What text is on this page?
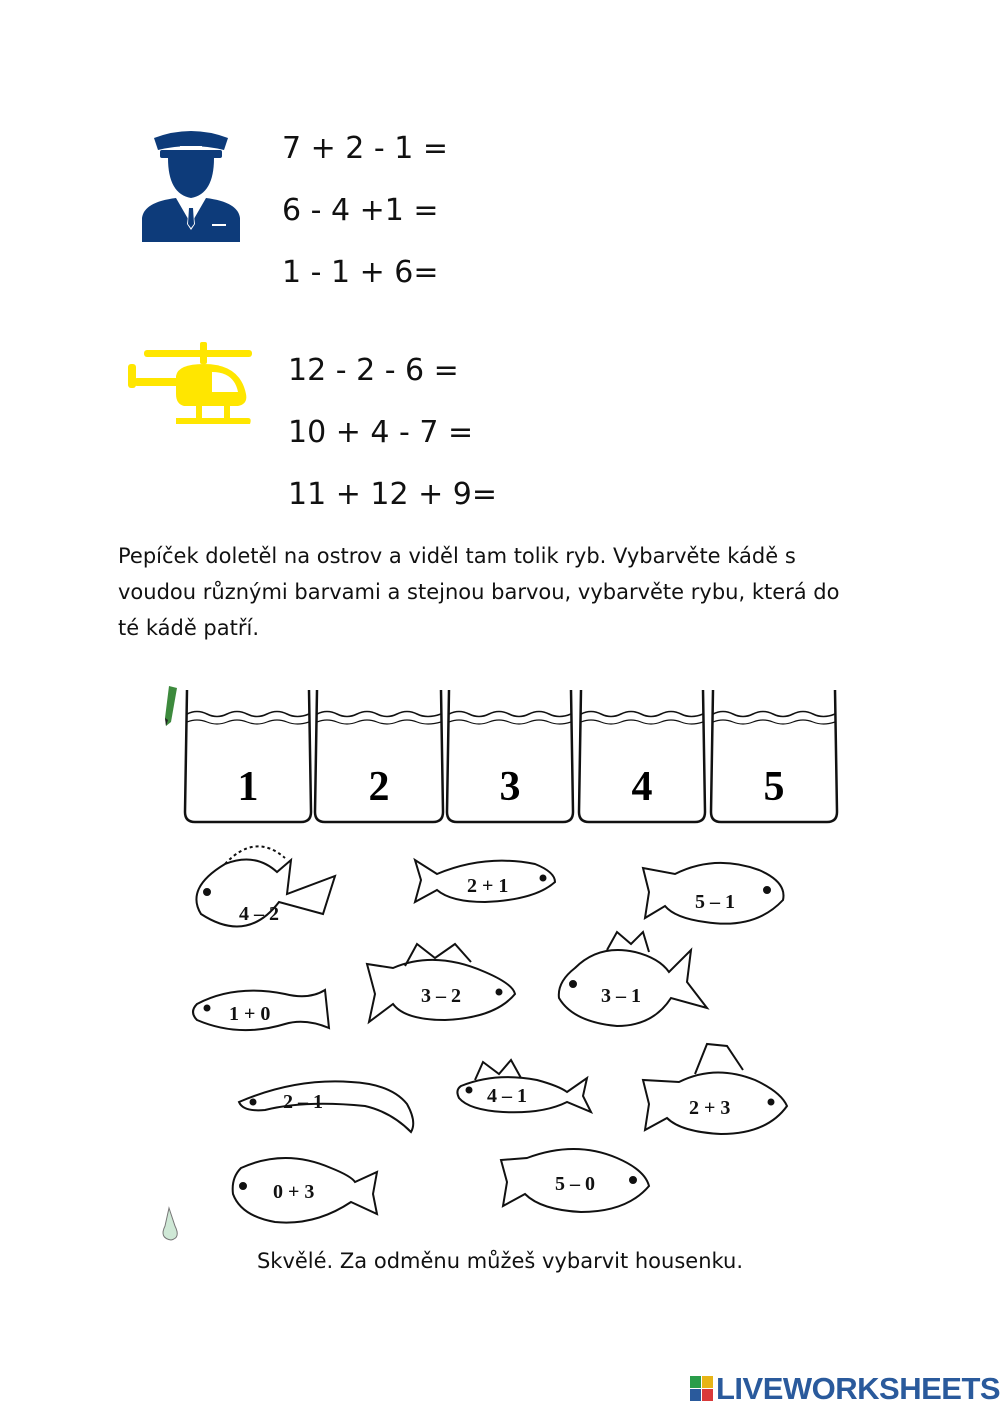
7 + 2 - 1 =
6 - 4 +1 =
1 - 1 + 6=
12 - 2 - 6 =
10 + 4 - 7 =
11 + 12 + 9=
Pepíček doletěl na ostrov a viděl tam tolik ryb. Vybarvěte kádě s
voudou různými barvami a stejnou barvou, vybarvěte rybu, která do
té kádě patří.
1	2	3	4	5
4 – 2
2 + 1
5 – 1
1 + 0
3 – 2	3 – 1
2 – 1	4 – 1
2 + 3
0 + 3	5 – 0
Skvělé. Za odměnu můžeš vybarvit housenku.
LIVEWORKSHEETS
